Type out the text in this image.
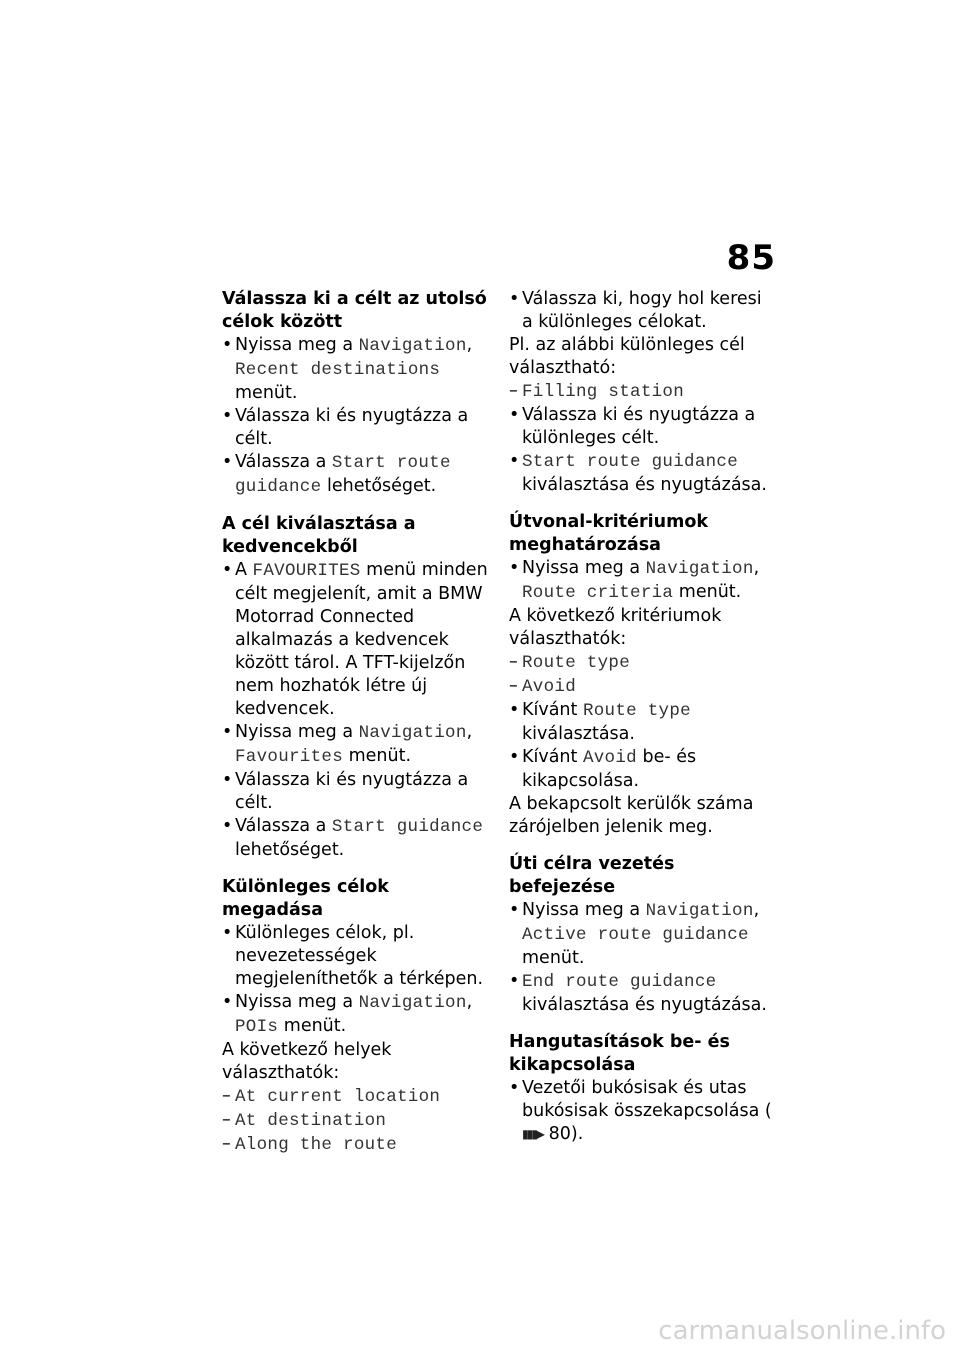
85

Válassza ki a célt az utolsó célok között

• Nyissa meg a Navigation, Recent destinations menüt.
• Válassza ki és nyugtázza a célt.
• Válassza a Start route guidance lehetőséget.

A cél kiválasztása a kedvencekből

• A FAVOURITES menü minden célt megjelenít, amit a BMW Motorrad Connected alkalmazás a kedvencek között tárol. A TFT-kijelzőn nem hozhatók létre új kedvencek.
• Nyissa meg a Navigation, Favourites menüt.
• Válassza ki és nyugtázza a célt.
• Válassza a Start guidance lehetőséget.

Különleges célok megadása

• Különleges célok, pl. nevezetességek megjeleníthetők a térképen.
• Nyissa meg a Navigation, POIs menüt.
A következő helyek választhatók:
– At current location
– At destination
– Along the route
• Válassza ki, hogy hol keresi a különleges célokat.
Pl. az alábbi különleges cél választható:
– Filling station
• Válassza ki és nyugtázza a különleges célt.
• Start route guidance kiválasztása és nyugtázása.

Útvonal-kritériumok meghatározása

• Nyissa meg a Navigation, Route criteria menüt.
A következő kritériumok választhatók:
– Route type
– Avoid
• Kívánt Route type kiválasztása.
• Kívánt Avoid be- és kikapcsolása.
A bekapcsolt kerülők száma zárójelben jelenik meg.

Úti célra vezetés befejezése

• Nyissa meg a Navigation, Active route guidance menüt.
• End route guidance kiválasztása és nyugtázása.

Hangutasítások be- és kikapcsolása

• Vezetői bukósisak és utas bukósisak összekapcsolása (▮▮▮▶ 80).
carmanualsonline.info
